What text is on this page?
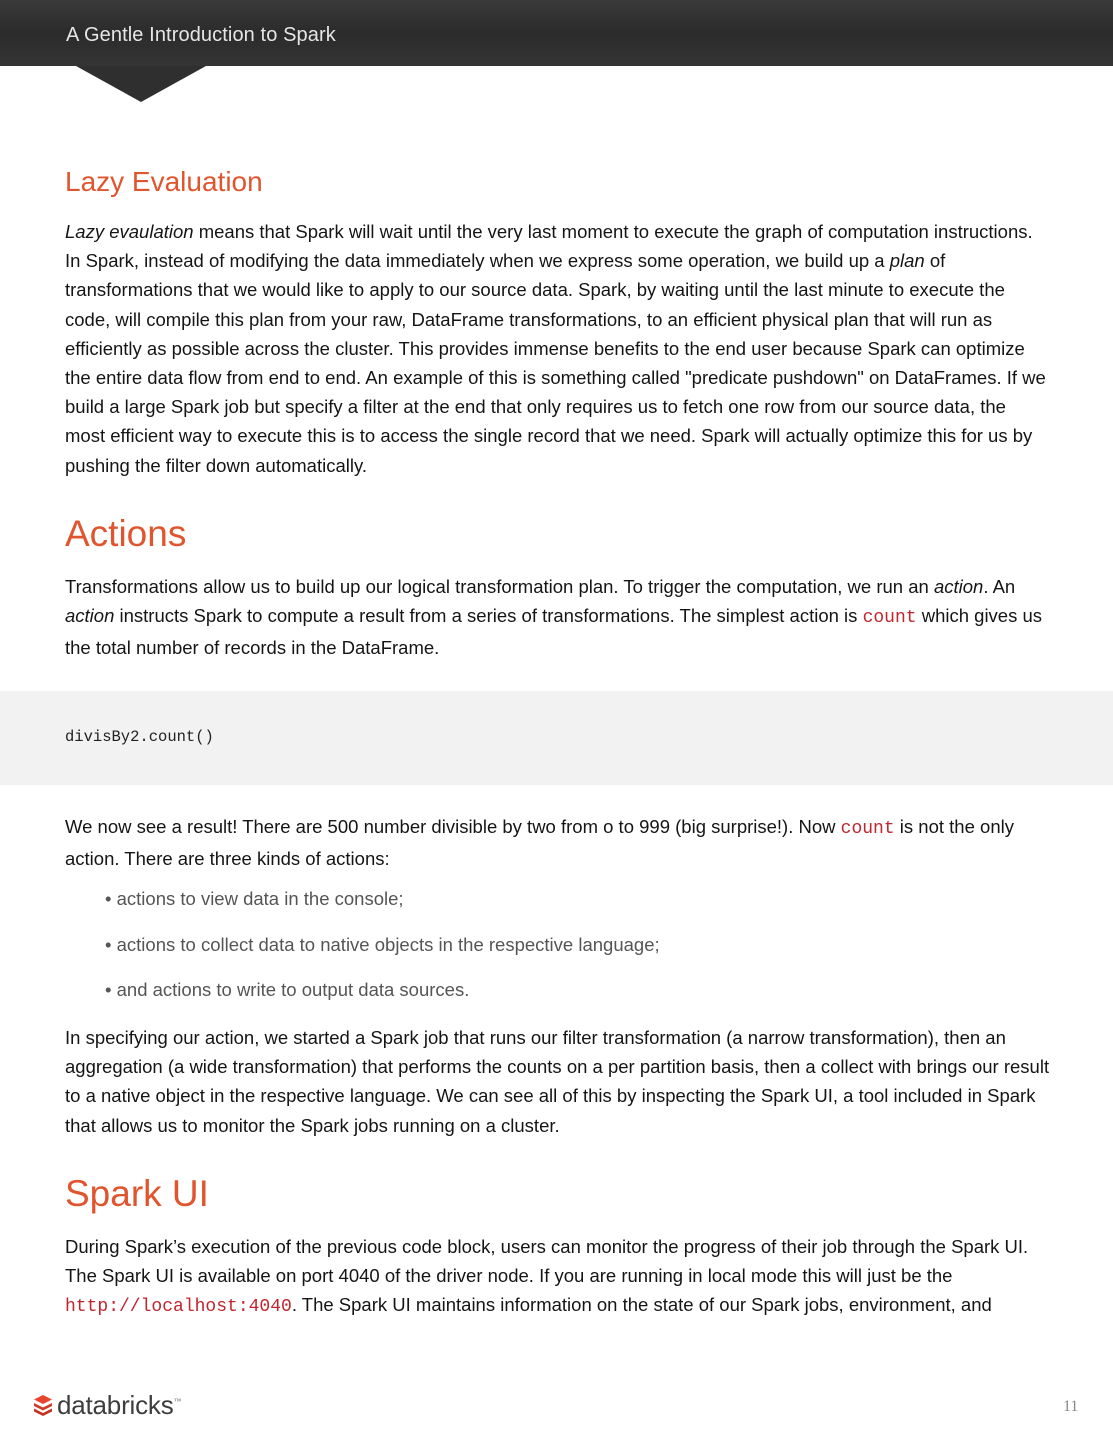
A Gentle Introduction to Spark
Lazy Evaluation

Lazy evaulation means that Spark will wait until the very last moment to execute the graph of computation instructions. In Spark, instead of modifying the data immediately when we express some operation, we build up a plan of transformations that we would like to apply to our source data. Spark, by waiting until the last minute to execute the code, will compile this plan from your raw, DataFrame transformations, to an efficient physical plan that will run as efficiently as possible across the cluster. This provides immense benefits to the end user because Spark can optimize the entire data flow from end to end. An example of this is something called "predicate pushdown" on DataFrames. If we build a large Spark job but specify a filter at the end that only requires us to fetch one row from our source data, the most efficient way to execute this is to access the single record that we need. Spark will actually optimize this for us by pushing the filter down automatically.

Actions

Transformations allow us to build up our logical transformation plan. To trigger the computation, we run an action. An action instructs Spark to compute a result from a series of transformations. The simplest action is count which gives us the total number of records in the DataFrame.

divisBy2.count()

We now see a result! There are 500 number divisible by two from o to 999 (big surprise!). Now count is not the only action. There are three kinds of actions:

• actions to view data in the console;
• actions to collect data to native objects in the respective language;
• and actions to write to output data sources.

In specifying our action, we started a Spark job that runs our filter transformation (a narrow transformation), then an aggregation (a wide transformation) that performs the counts on a per partition basis, then a collect with brings our result to a native object in the respective language. We can see all of this by inspecting the Spark UI, a tool included in Spark that allows us to monitor the Spark jobs running on a cluster.

Spark UI

During Spark’s execution of the previous code block, users can monitor the progress of their job through the Spark UI. The Spark UI is available on port 4040 of the driver node. If you are running in local mode this will just be the http://localhost:4040. The Spark UI maintains information on the state of our Spark jobs, environment, and

databricks ™	11
